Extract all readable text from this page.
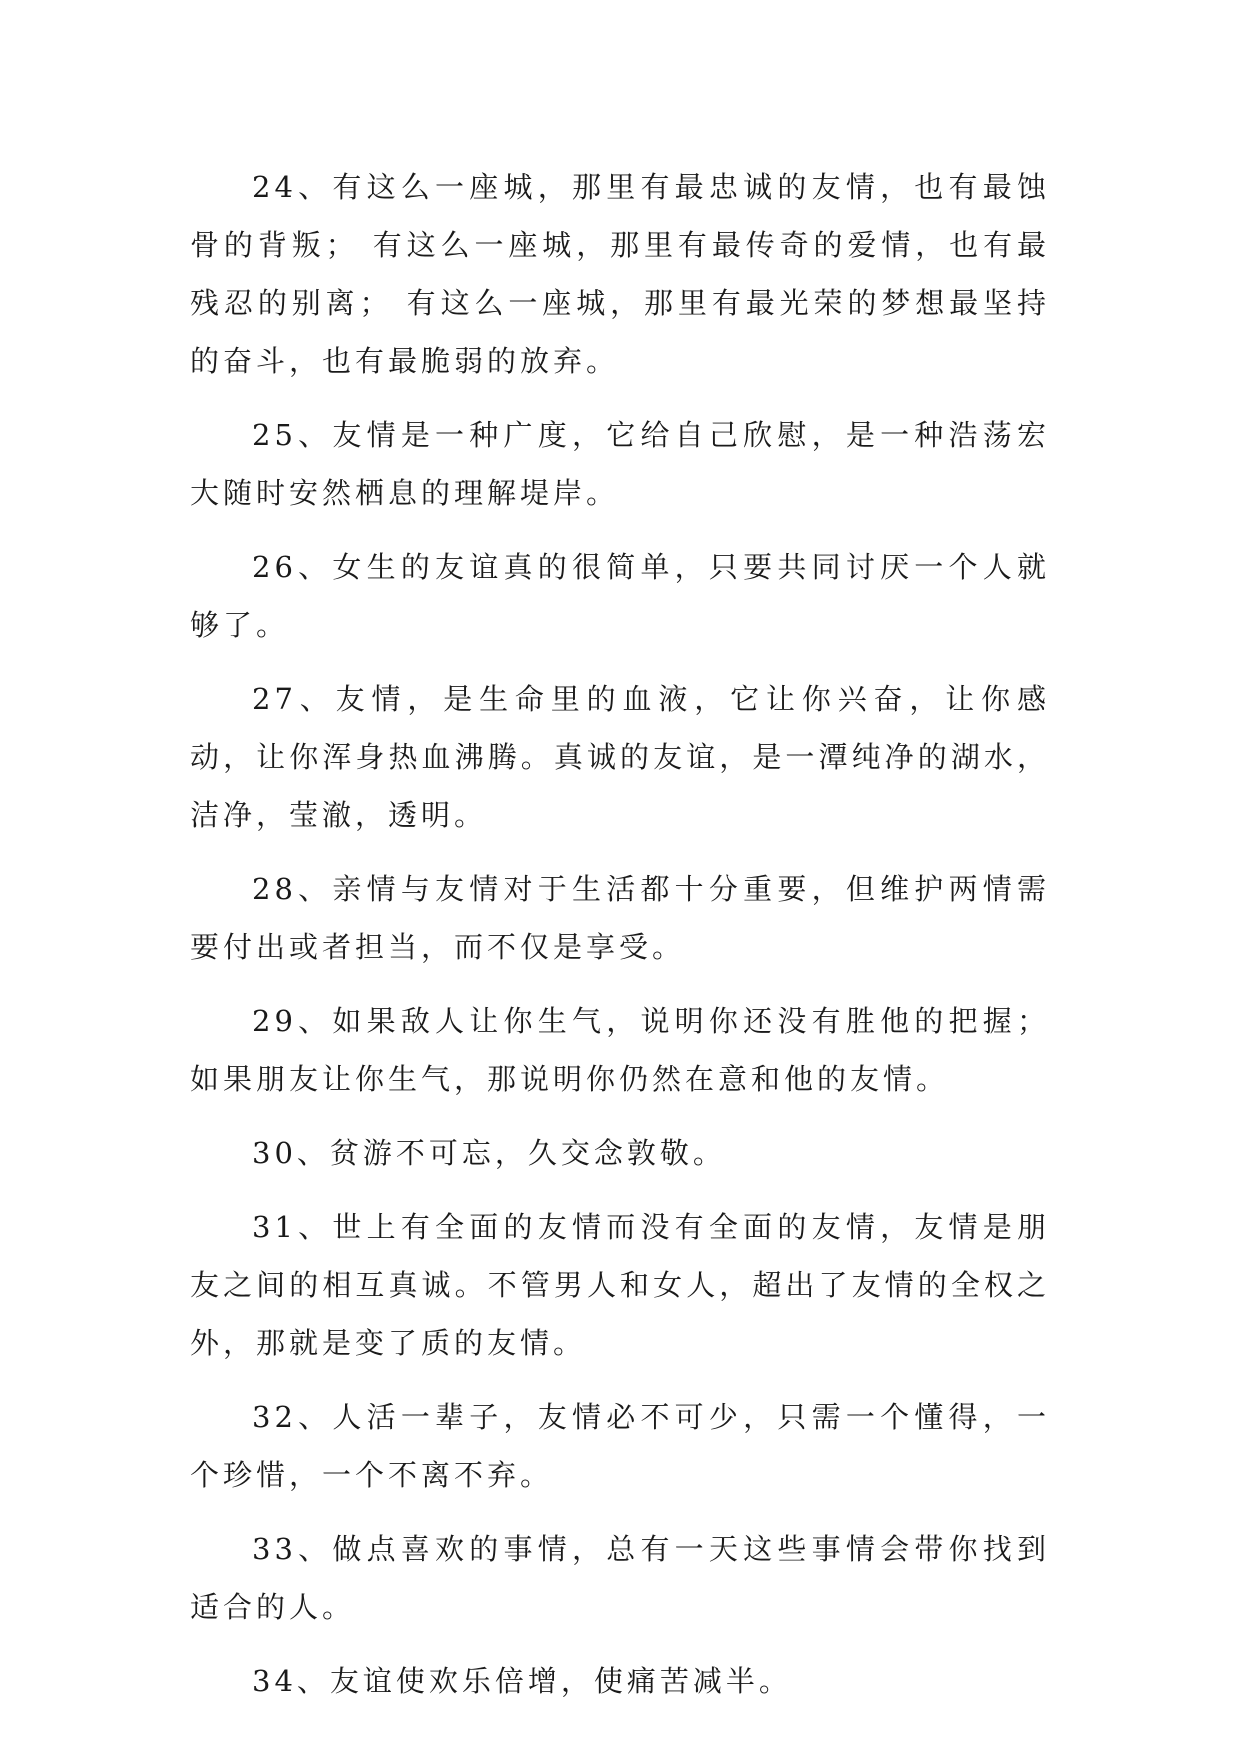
24、有这么一座城，那里有最忠诚的友情，也有最蚀骨的背叛； 有这么一座城，那里有最传奇的爱情，也有最残忍的别离； 有这么一座城，那里有最光荣的梦想最坚持的奋斗，也有最脆弱的放弃。

25、友情是一种广度，它给自己欣慰，是一种浩荡宏大随时安然栖息的理解堤岸。

26、女生的友谊真的很简单，只要共同讨厌一个人就够了。

27、友情，是生命里的血液，它让你兴奋，让你感动，让你浑身热血沸腾。真诚的友谊，是一潭纯净的湖水，洁净，莹澈，透明。

28、亲情与友情对于生活都十分重要，但维护两情需要付出或者担当，而不仅是享受。

29、如果敌人让你生气，说明你还没有胜他的把握；如果朋友让你生气，那说明你仍然在意和他的友情。

30、贫游不可忘，久交念敦敬。

31、世上有全面的友情而没有全面的友情，友情是朋友之间的相互真诚。不管男人和女人，超出了友情的全权之外，那就是变了质的友情。

32、人活一辈子，友情必不可少，只需一个懂得，一个珍惜，一个不离不弃。

33、做点喜欢的事情，总有一天这些事情会带你找到适合的人。

34、友谊使欢乐倍增，使痛苦减半。
